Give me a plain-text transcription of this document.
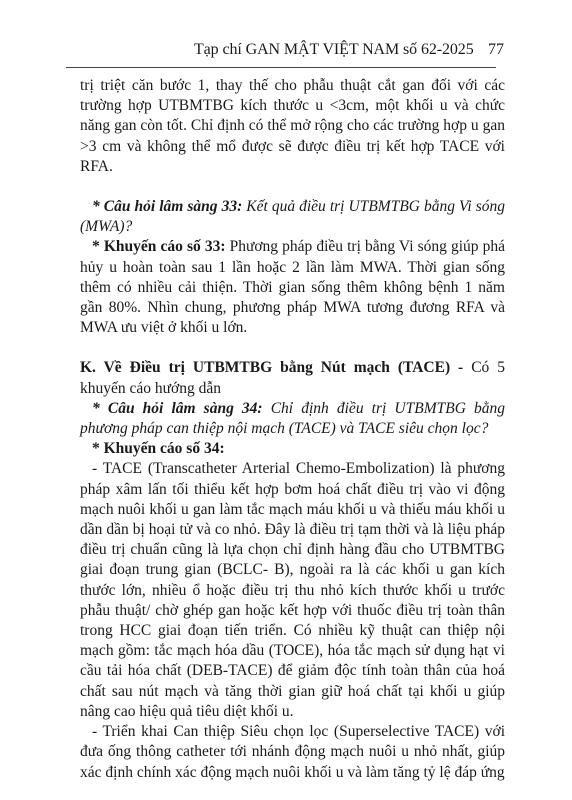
Tạp chí GAN MẬT VIỆT NAM số 62-2025 77

trị triệt căn bước 1, thay thế cho phẫu thuật cắt gan đối với các trường hợp UTBMTBG kích thước u <3cm, một khối u và chức năng gan còn tốt. Chỉ định có thể mở rộng cho các trường hợp u gan >3 cm và không thể mổ được sẽ được điều trị kết hợp TACE với RFA.

* Câu hỏi lâm sàng 33: Kết quả điều trị UTBMTBG bằng Vi sóng (MWA)?

* Khuyến cáo số 33: Phương pháp điều trị bằng Vi sóng giúp phá hủy u hoàn toàn sau 1 lần hoặc 2 lần làm MWA. Thời gian sống thêm có nhiều cải thiện. Thời gian sống thêm không bệnh 1 năm gần 80%. Nhìn chung, phương pháp MWA tương đương RFA và MWA ưu việt ở khối u lớn.

K. Về Điều trị UTBMTBG bằng Nút mạch (TACE) - Có 5 khuyến cáo hướng dẫn

* Câu hỏi lâm sàng 34: Chỉ định điều trị UTBMTBG bằng phương pháp can thiệp nội mạch (TACE) và TACE siêu chọn lọc?

* Khuyến cáo số 34:

- TACE (Transcatheter Arterial Chemo-Embolization) là phương pháp xâm lấn tối thiểu kết hợp bơm hoá chất điều trị vào vi động mạch nuôi khối u gan làm tắc mạch máu khối u và thiếu máu khối u dần dần bị hoại tử và co nhỏ. Đây là điều trị tạm thời và là liệu pháp điều trị chuẩn cũng là lựa chọn chỉ định hàng đầu cho UTBMTBG giai đoạn trung gian (BCLC- B), ngoài ra là các khối u gan kích thước lớn, nhiều ổ hoặc điều trị thu nhỏ kích thước khối u trước phẫu thuật/ chờ ghép gan hoặc kết hợp với thuốc điều trị toàn thân trong HCC giai đoạn tiến triển. Có nhiều kỹ thuật can thiệp nội mạch gồm: tắc mạch hóa dầu (TOCE), hóa tắc mạch sử dụng hạt vi cầu tải hóa chất (DEB-TACE) để giảm độc tính toàn thân của hoá chất sau nút mạch và tăng thời gian giữ hoá chất tại khối u giúp nâng cao hiệu quả tiêu diệt khối u.

- Triển khai Can thiệp Siêu chọn lọc (Superselective TACE) với đưa ống thông catheter tới nhánh động mạch nuôi u nhỏ nhất, giúp xác định chính xác động mạch nuôi khối u và làm tăng tỷ lệ đáp ứng
